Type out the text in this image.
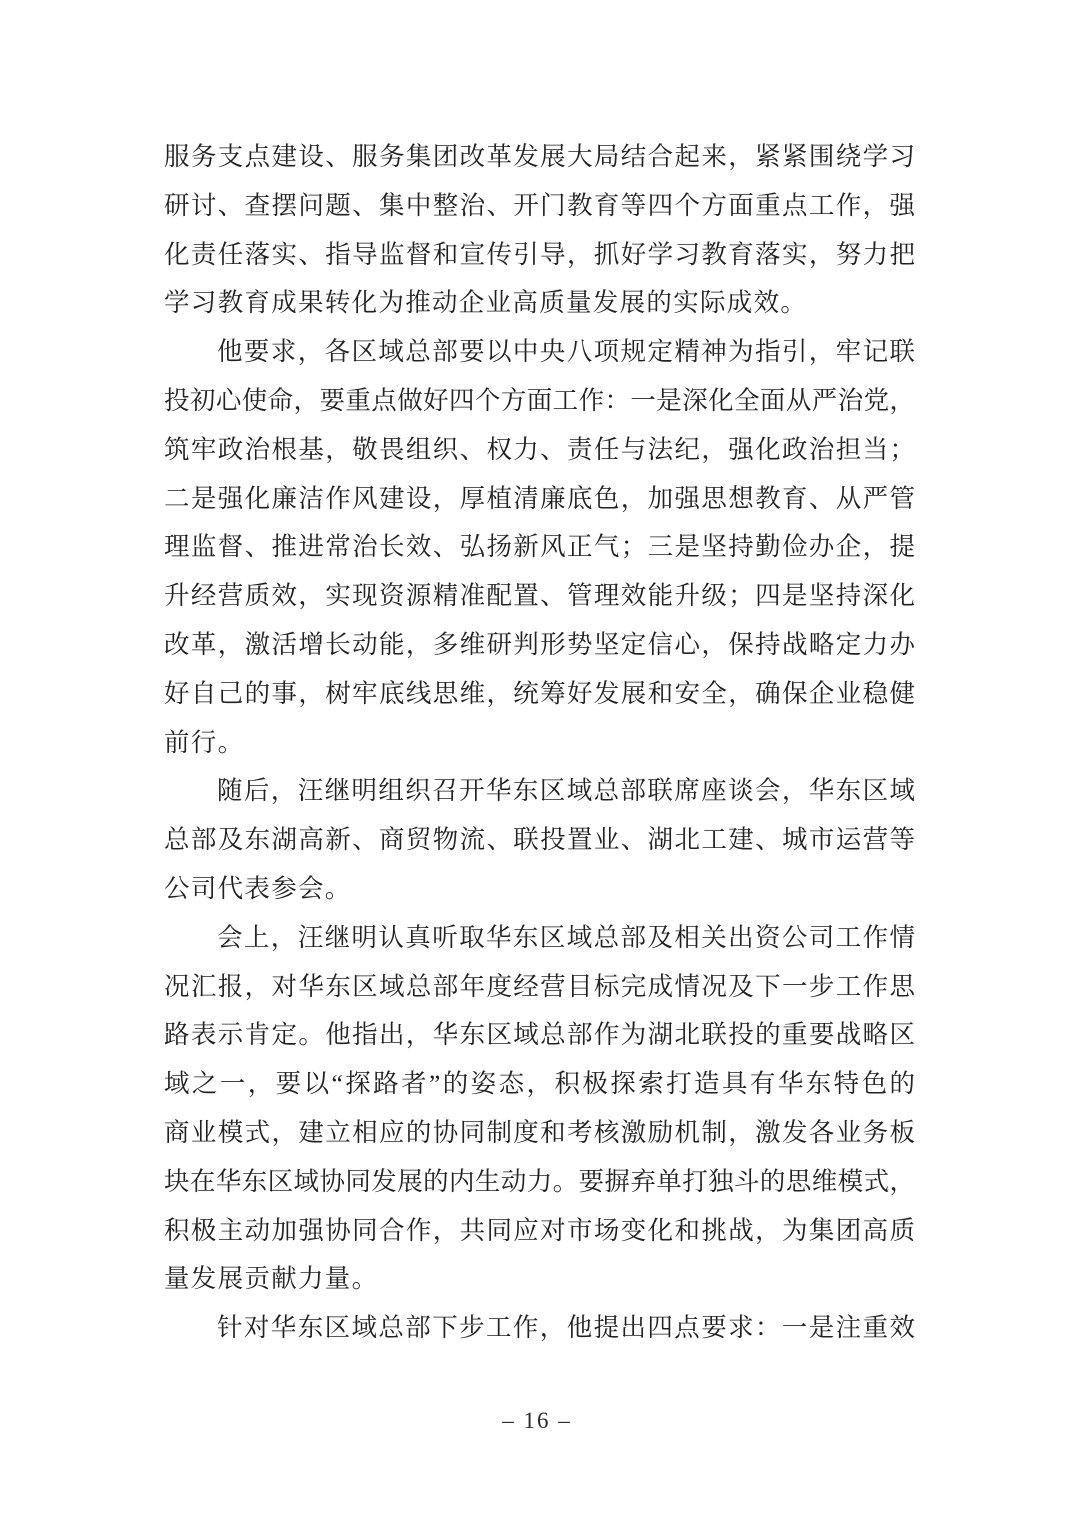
服务支点建设、服务集团改革发展大局结合起来，紧紧围绕学习
研讨、查摆问题、集中整治、开门教育等四个方面重点工作，强
化责任落实、指导监督和宣传引导，抓好学习教育落实，努力把
学习教育成果转化为推动企业高质量发展的实际成效。
他要求，各区域总部要以中央八项规定精神为指引，牢记联
投初心使命，要重点做好四个方面工作：一是深化全面从严治党，
筑牢政治根基，敬畏组织、权力、责任与法纪，强化政治担当；
二是强化廉洁作风建设，厚植清廉底色，加强思想教育、从严管
理监督、推进常治长效、弘扬新风正气；三是坚持勤俭办企，提
升经营质效，实现资源精准配置、管理效能升级；四是坚持深化
改革，激活增长动能，多维研判形势坚定信心，保持战略定力办
好自己的事，树牢底线思维，统筹好发展和安全，确保企业稳健
前行。
随后，汪继明组织召开华东区域总部联席座谈会，华东区域
总部及东湖高新、商贸物流、联投置业、湖北工建、城市运营等
公司代表参会。
会上，汪继明认真听取华东区域总部及相关出资公司工作情
况汇报，对华东区域总部年度经营目标完成情况及下一步工作思
路表示肯定。他指出，华东区域总部作为湖北联投的重要战略区
域之一，要以“探路者”的姿态，积极探索打造具有华东特色的
商业模式，建立相应的协同制度和考核激励机制，激发各业务板
块在华东区域协同发展的内生动力。要摒弃单打独斗的思维模式，
积极主动加强协同合作，共同应对市场变化和挑战，为集团高质
量发展贡献力量。
针对华东区域总部下步工作，他提出四点要求：一是注重效
– 16 –
